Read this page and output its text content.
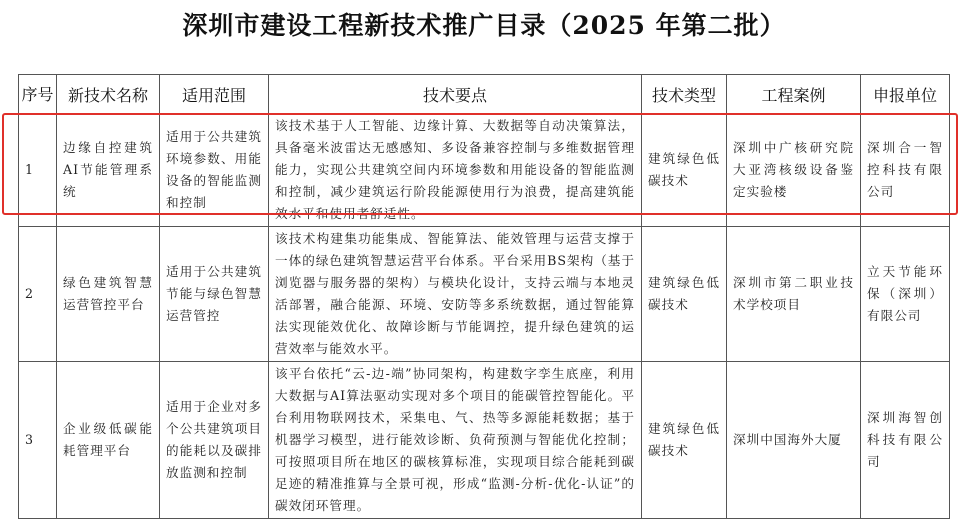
深圳市建设工程新技术推广目录（2025 年第二批）
序号	新技术名称	适用范围	技术要点	技术类型	工程案例	申报单位
1	边缘自控建筑AI节能管理系统	适用于公共建筑环境参数、用能设备的智能监测和控制	该技术基于人工智能、边缘计算、大数据等自动决策算法，具备毫米波雷达无感感知、多设备兼容控制与多维数据管理能力，实现公共建筑空间内环境参数和用能设备的智能监测和控制，减少建筑运行阶段能源使用行为浪费，提高建筑能效水平和使用者舒适性。	建筑绿色低碳技术	深圳中广核研究院大亚湾核级设备鉴定实验楼	深圳合一智控科技有限公司
2	绿色建筑智慧运营管控平台	适用于公共建筑节能与绿色智慧运营管控	该技术构建集功能集成、智能算法、能效管理与运营支撑于一体的绿色建筑智慧运营平台体系。平台采用BS架构（基于浏览器与服务器的架构）与模块化设计，支持云端与本地灵活部署，融合能源、环境、安防等多系统数据，通过智能算法实现能效优化、故障诊断与节能调控，提升绿色建筑的运营效率与能效水平。	建筑绿色低碳技术	深圳市第二职业技术学校项目	立天节能环保（深圳）有限公司
3	企业级低碳能耗管理平台	适用于企业对多个公共建筑项目的能耗以及碳排放监测和控制	该平台依托“云-边-端”协同架构，构建数字孪生底座，利用大数据与AI算法驱动实现对多个项目的能碳管控智能化。平台利用物联网技术，采集电、气、热等多源能耗数据；基于机器学习模型，进行能效诊断、负荷预测与智能优化控制；可按照项目所在地区的碳核算标准，实现项目综合能耗到碳足迹的精准推算与全景可视，形成“监测-分析-优化-认证”的碳效闭环管理。	建筑绿色低碳技术	深圳中国海外大厦	深圳海智创科技有限公司
